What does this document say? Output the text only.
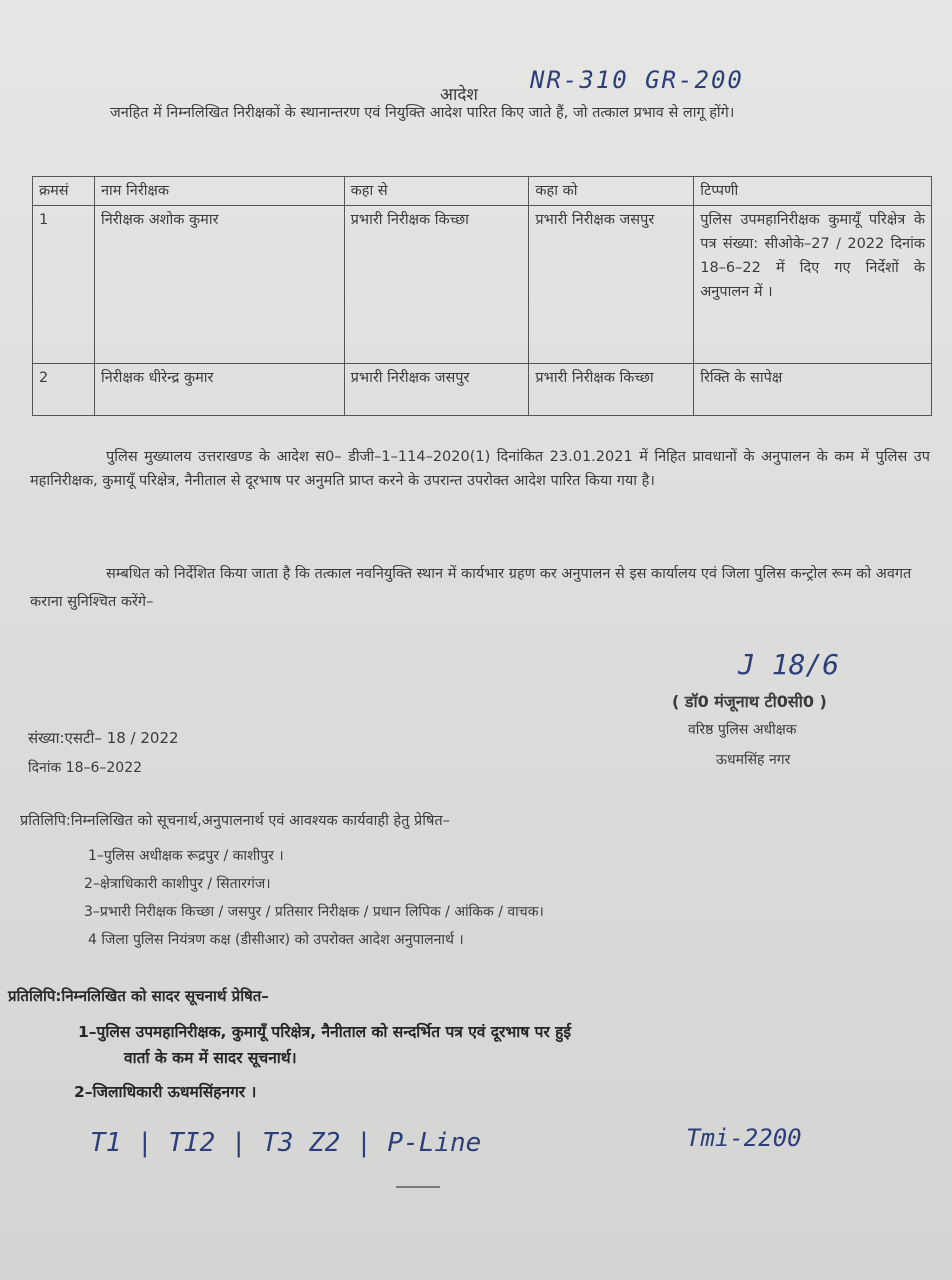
आदेश
NR-310 GR-200
जनहित में निम्नलिखित निरीक्षकों के स्थानान्तरण एवं नियुक्ति आदेश पारित किए जाते हैं, जो तत्काल प्रभाव से लागू होंगे।
क्रमसं	नाम निरीक्षक	कहा से	कहा को	टिप्पणी
1	निरीक्षक अशोक कुमार	प्रभारी निरीक्षक किच्छा	प्रभारी निरीक्षक जसपुर	पुलिस उपमहानिरीक्षक कुमायूँ परिक्षेत्र के पत्र संख्या: सीओके–27 / 2022 दिनांक 18–6–22 में दिए गए निर्देशों के अनुपालन में ।
2	निरीक्षक धीरेन्द्र कुमार	प्रभारी निरीक्षक जसपुर	प्रभारी निरीक्षक किच्छा	रिक्ति के सापेक्ष
पुलिस मुख्यालय उत्तराखण्ड के आदेश स0– डीजी–1–114–2020(1) दिनांकित 23.01.2021 में निहित प्रावधानों के अनुपालन के कम में पुलिस उप महानिरीक्षक, कुमायूँ परिक्षेत्र, नैनीताल से दूरभाष पर अनुमति प्राप्त करने के उपरान्त उपरोक्त आदेश पारित किया गया है।
सम्बधित को निर्देशित किया जाता है कि तत्काल नवनियुक्ति स्थान में कार्यभार ग्रहण कर अनुपालन से इस कार्यालय एवं जिला पुलिस कन्ट्रोल रूम को अवगत कराना सुनिश्चित करेंगे–
J 18/6
( डॉ0 मंजूनाथ टी0सी0 )
वरिष्ठ पुलिस अधीक्षक
ऊधमसिंह नगर
संख्या:एसटी– 18 / 2022
दिनांक 18–6–2022
प्रतिलिपि:निम्नलिखित को सूचनार्थ,अनुपालनार्थ एवं आवश्यक कार्यवाही हेतु प्रेषित–
1–पुलिस अधीक्षक रूद्रपुर / काशीपुर ।
2–क्षेत्राधिकारी काशीपुर / सितारगंज।
3–प्रभारी निरीक्षक किच्छा / जसपुर / प्रतिसार निरीक्षक / प्रधान लिपिक / आंकिक / वाचक।
4 जिला पुलिस नियंत्रण कक्ष (डीसीआर) को उपरोक्त आदेश अनुपालनार्थ ।
प्रतिलिपि:निम्नलिखित को सादर सूचनार्थ प्रेषित–
1–पुलिस उपमहानिरीक्षक, कुमायूँ परिक्षेत्र, नैनीताल को सन्दर्भित पत्र एवं दूरभाष पर हुई
वार्ता के कम में सादर सूचनार्थ।
2–जिलाधिकारी ऊधमसिंहनगर ।
T1 | TI2 | T3 Z2 | P-Line	Tmi-2200
